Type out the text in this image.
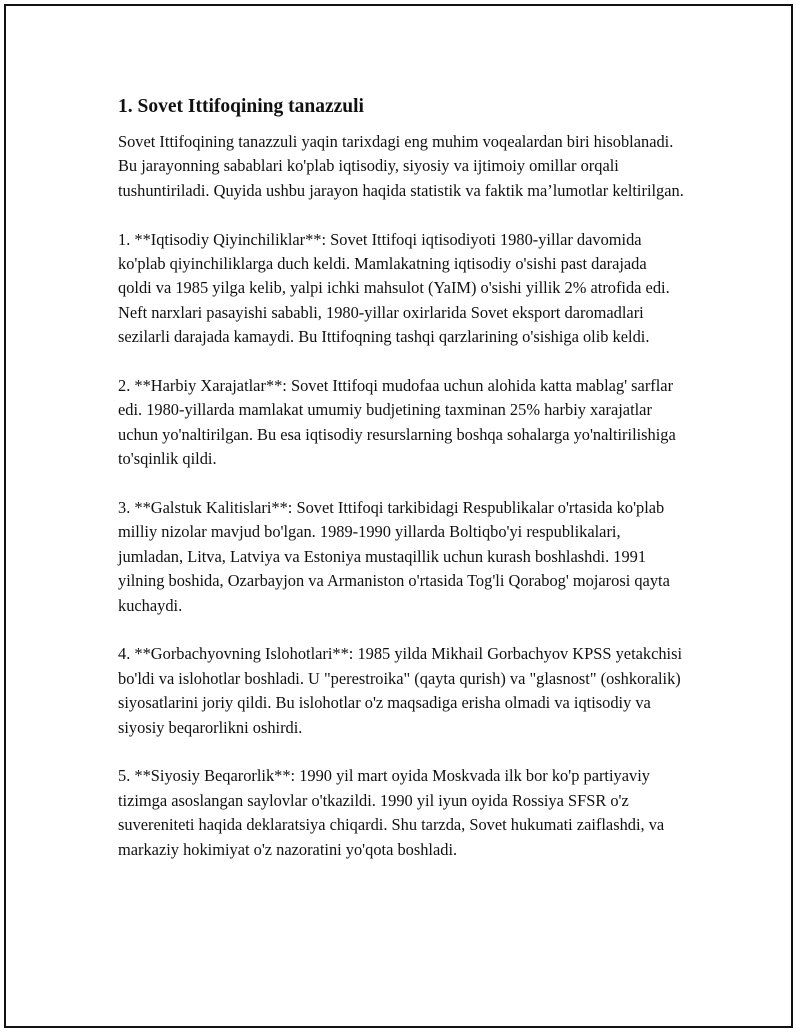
1. Sovet Ittifoqining tanazzuli

Sovet Ittifoqining tanazzuli yaqin tarixdagi eng muhim voqealardan biri hisoblanadi. Bu jarayonning sabablari ko'plab iqtisodiy, siyosiy va ijtimoiy omillar orqali tushuntiriladi. Quyida ushbu jarayon haqida statistik va faktik ma’lumotlar keltirilgan.

1. **Iqtisodiy Qiyinchiliklar**: Sovet Ittifoqi iqtisodiyoti 1980-yillar davomida ko'plab qiyinchiliklarga duch keldi. Mamlakatning iqtisodiy o'sishi past darajada qoldi va 1985 yilga kelib, yalpi ichki mahsulot (YaIM) o'sishi yillik 2% atrofida edi. Neft narxlari pasayishi sababli, 1980-yillar oxirlarida Sovet eksport daromadlari sezilarli darajada kamaydi. Bu Ittifoqning tashqi qarzlarining o'sishiga olib keldi.

2. **Harbiy Xarajatlar**: Sovet Ittifoqi mudofaa uchun alohida katta mablag' sarflar edi. 1980-yillarda mamlakat umumiy budjetining taxminan 25% harbiy xarajatlar uchun yo'naltirilgan. Bu esa iqtisodiy resurslarning boshqa sohalarga yo'naltirilishiga to'sqinlik qildi.

3. **Galstuk Kalitislari**: Sovet Ittifoqi tarkibidagi Respublikalar o'rtasida ko'plab milliy nizolar mavjud bo'lgan. 1989-1990 yillarda Boltiqbo'yi respublikalari, jumladan, Litva, Latviya va Estoniya mustaqillik uchun kurash boshlashdi. 1991 yilning boshida, Ozarbayjon va Armaniston o'rtasida Tog'li Qorabog' mojarosi qayta kuchaydi.

4. **Gorbachyovning Islohotlari**: 1985 yilda Mikhail Gorbachyov KPSS yetakchisi bo'ldi va islohotlar boshladi. U "perestroika" (qayta qurish) va "glasnost" (oshkoralik) siyosatlarini joriy qildi. Bu islohotlar o'z maqsadiga erisha olmadi va iqtisodiy va siyosiy beqarorlikni oshirdi.

5. **Siyosiy Beqarorlik**: 1990 yil mart oyida Moskvada ilk bor ko'p partiyaviy tizimga asoslangan saylovlar o'tkazildi. 1990 yil iyun oyida Rossiya SFSR o'z suvereniteti haqida deklaratsiya chiqardi. Shu tarzda, Sovet hukumati zaiflashdi, va markaziy hokimiyat o'z nazoratini yo'qota boshladi.
